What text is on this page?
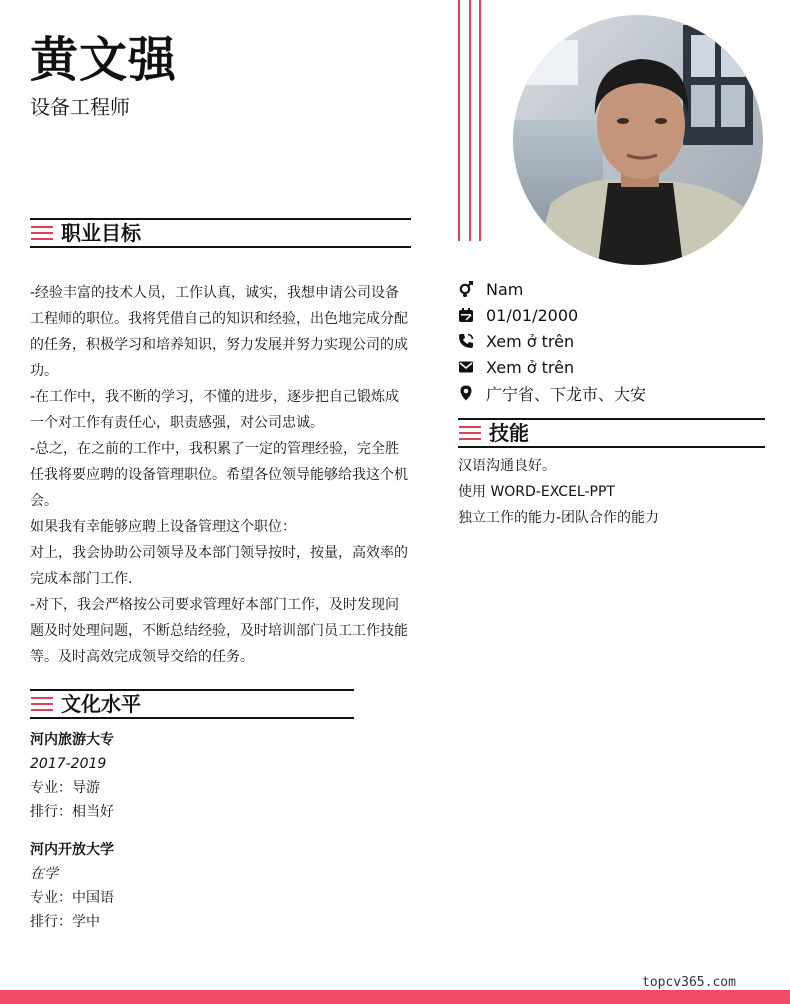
黄文强
设备工程师
职业目标

-经验丰富的技术人员，工作认真，诚实，我想申请公司设备工程师的职位。我将凭借自己的知识和经验，出色地完成分配的任务，积极学习和培养知识，努力发展并努力实现公司的成功。

-在工作中，我不断的学习，不懂的进步，逐步把自己锻炼成一个对工作有责任心，职责感强，对公司忠诚。

-总之，在之前的工作中，我积累了一定的管理经验，完全胜任我将要应聘的设备管理职位。希望各位领导能够给我这个机会。

如果我有幸能够应聘上设备管理这个职位：

对上，我会协助公司领导及本部门领导按时，按量，高效率的完成本部门工作.

-对下，我会严格按公司要求管理好本部门工作，及时发现问题及时处理问题，不断总结经验，及时培训部门员工工作技能等。及时高效完成领导交给的任务。

文化水平
河内旅游大专
2017-2019
专业：导游
排行：相当好
河内开放大学
在学
专业：中国语
排行：学中
Nam
01/01/2000
Xem ở trên
Xem ở trên
广宁省、下龙市、大安
技能
汉语沟通良好。
使用 WORD-EXCEL-PPT
独立工作的能力-团队合作的能力
topcv365.com
